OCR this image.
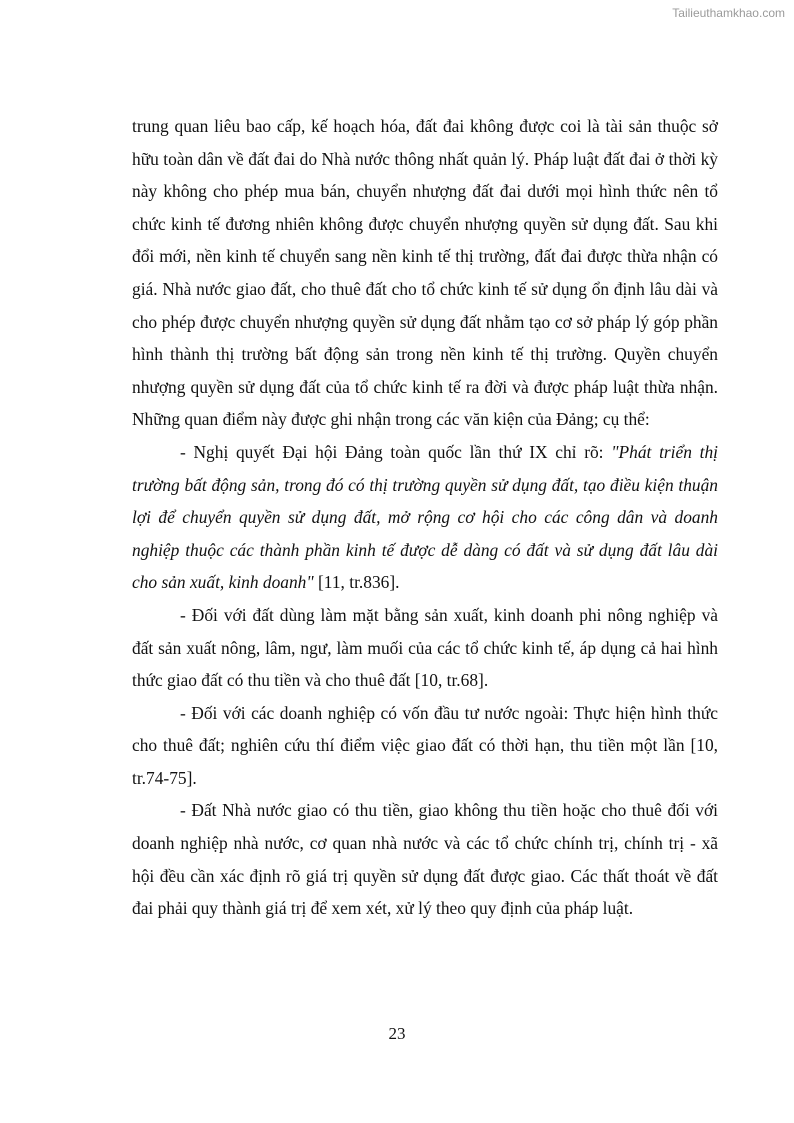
Tailieuthamkhao.com

trung quan liêu bao cấp, kế hoạch hóa, đất đai không được coi là tài sản thuộc sở hữu toàn dân về đất đai do Nhà nước thông nhất quản lý. Pháp luật đất đai ở thời kỳ này không cho phép mua bán, chuyển nhượng đất đai dưới mọi hình thức nên tổ chức kinh tế đương nhiên không được chuyển nhượng quyền sử dụng đất. Sau khi đổi mới, nền kinh tế chuyển sang nền kinh tế thị trường, đất đai được thừa nhận có giá. Nhà nước giao đất, cho thuê đất cho tổ chức kinh tế sử dụng ổn định lâu dài và cho phép được chuyển nhượng quyền sử dụng đất nhằm tạo cơ sở pháp lý góp phần hình thành thị trường bất động sản trong nền kinh tế thị trường. Quyền chuyển nhượng quyền sử dụng đất của tổ chức kinh tế ra đời và được pháp luật thừa nhận. Những quan điểm này được ghi nhận trong các văn kiện của Đảng; cụ thể:

- Nghị quyết Đại hội Đảng toàn quốc lần thứ IX chỉ rõ: "Phát triển thị trường bất động sản, trong đó có thị trường quyền sử dụng đất, tạo điều kiện thuận lợi để chuyển quyền sử dụng đất, mở rộng cơ hội cho các công dân và doanh nghiệp thuộc các thành phần kinh tế được dễ dàng có đất và sử dụng đất lâu dài cho sản xuất, kinh doanh" [11, tr.836].

- Đối với đất dùng làm mặt bằng sản xuất, kinh doanh phi nông nghiệp và đất sản xuất nông, lâm, ngư, làm muối của các tổ chức kinh tế, áp dụng cả hai hình thức giao đất có thu tiền và cho thuê đất [10, tr.68].

- Đối với các doanh nghiệp có vốn đầu tư nước ngoài: Thực hiện hình thức cho thuê đất; nghiên cứu thí điểm việc giao đất có thời hạn, thu tiền một lần [10, tr.74-75].

- Đất Nhà nước giao có thu tiền, giao không thu tiền hoặc cho thuê đối với doanh nghiệp nhà nước, cơ quan nhà nước và các tổ chức chính trị, chính trị - xã hội đều cần xác định rõ giá trị quyền sử dụng đất được giao. Các thất thoát về đất đai phải quy thành giá trị để xem xét, xử lý theo quy định của pháp luật.

23
